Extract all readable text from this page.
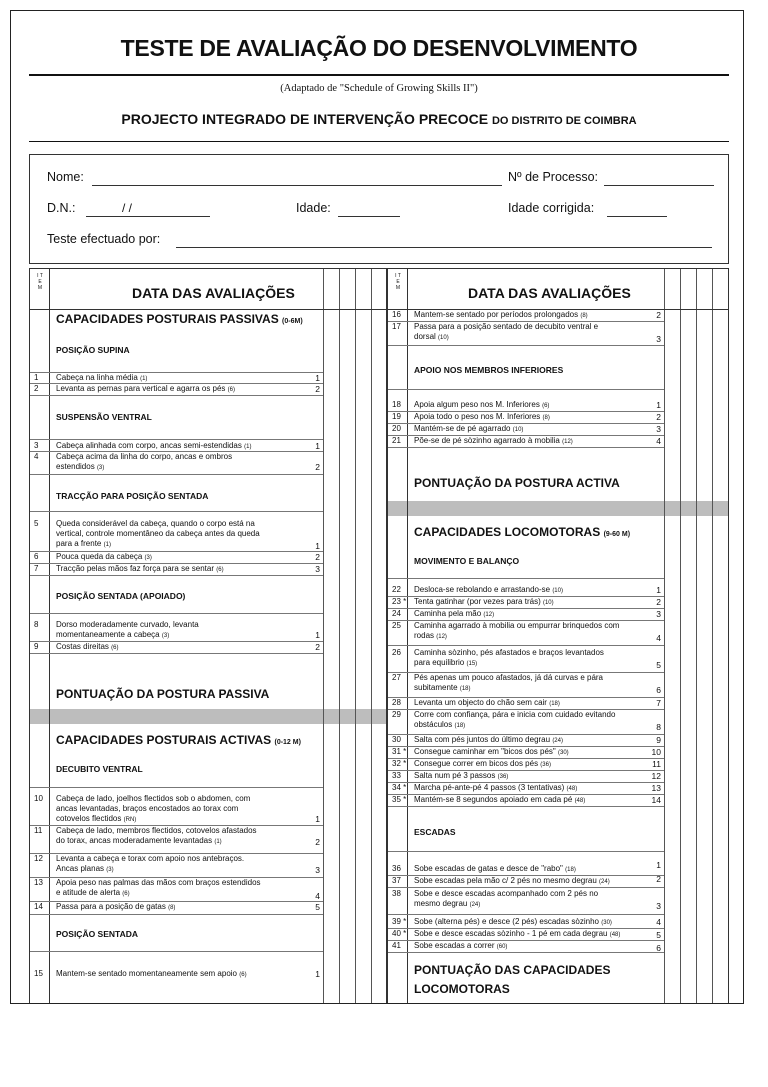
TESTE DE AVALIAÇÃO DO DESENVOLVIMENTO
(Adaptado de "Schedule of Growing Skills II")
PROJECTO INTEGRADO DE INTERVENÇÃO PRECOCE DO DISTRITO DE COIMBRA
Nome:	Nº de Processo:
D.N.:	/ /	Idade:	Idade corrigida:
Teste efectuado por:
I T E M	DATA DAS AVALIAÇÕES
CAPACIDADES POSTURAIS PASSIVAS (0-6M)
POSIÇÃO SUPINA
1 Cabeça na linha média (1)	1
2 Levanta as pernas para vertical e agarra os pés (6)	2
SUSPENSÃO VENTRAL
3 Cabeça alinhada com corpo, ancas semi-estendidas (1)	1
4 Cabeça acima da linha do corpo, ancas e ombros
estendidos (3)	2
TRACÇÃO PARA POSIÇÃO SENTADA
5 Queda considerável da cabeça, quando o corpo está na
vertical, controle momentâneo da cabeça antes da queda
para a frente (1)	1
6 Pouca queda da cabeça (3)	2
7 Tracção pelas mãos faz força para se sentar (6)	3
POSIÇÃO SENTADA (APOIADO)
8 Dorso moderadamente curvado, levanta
momentaneamente a cabeça (3)	1
9 Costas direitas (6)	2
PONTUAÇÃO DA POSTURA PASSIVA
CAPACIDADES POSTURAIS ACTIVAS (0-12 M)
DECUBITO VENTRAL
10 Cabeça de lado, joelhos flectidos sob o abdomen, com
ancas levantadas, braços encostados ao torax com
cotovelos flectidos (RN)	1
11 Cabeça de lado, membros flectidos, cotovelos afastados
do torax, ancas moderadamente levantadas (1)	2
12 Levanta a cabeça e torax com apoio nos antebraços.
Ancas planas (3)	3
13 Apoia peso nas palmas das mãos com braços estendidos
e atitude de alerta (6)	4
14 Passa para a posição de gatas (8)	5
POSIÇÃO SENTADA
15 Mantem-se sentado momentaneamente sem apoio (6)	1
I T E M	DATA DAS AVALIAÇÕES
16 Mantem-se sentado por períodos prolongados (8)	2
17 Passa para a posição sentado de decubito ventral e
dorsal (10)	3
APOIO NOS MEMBROS INFERIORES
18 Apoia algum peso nos M. Inferiores (6)	1
19 Apoia todo o peso nos M. Inferiores (8)	2
20 Mantém-se de pé agarrado (10)	3
21 Põe-se de pé sòzinho agarrado à mobilia (12)	4
PONTUAÇÃO DA POSTURA ACTIVA
CAPACIDADES LOCOMOTORAS (9-60 M)
MOVIMENTO E BALANÇO
22 Desloca-se rebolando e arrastando-se (10)	1
23 * Tenta gatinhar (por vezes para trás) (10)	2
24 Caminha pela mão (12)	3
25 Caminha agarrado à mobilia ou empurrar brinquedos com
rodas (12)	4
26 Caminha sòzinho, pés afastados e braços levantados
para equilibrio (15)	5
27 Pés apenas um pouco afastados, já dá curvas e pára
subitamente (18)	6
28 Levanta um objecto do chão sem cair (18)	7
29 Corre com confiança, pára e inicia com cuidado evitando
obstáculos (18)	8
30 Salta com pés juntos do último degrau (24)	9
31 * Consegue caminhar em "bicos dos pés" (30)	10
32 * Consegue correr em bicos dos pés (36)	11
33 Salta num pé 3 passos (36)	12
34 * Marcha pé-ante-pé 4 passos (3 tentativas) (48)	13
35 * Mantém-se 8 segundos apoiado em cada pé (48)	14
ESCADAS
36 Sobe escadas de gatas e desce de "rabo" (18)	1
37 Sobe escadas pela mão c/ 2 pés no mesmo degrau (24)	2
38 Sobe e desce escadas acompanhado com 2 pés no
mesmo degrau (24)	3
39 * Sobe (alterna pés) e desce (2 pés) escadas sòzinho (30)	4
40 * Sobe e desce escadas sòzinho - 1 pé em cada degrau (48)	5
41 Sobe escadas a correr (60)	6
PONTUAÇÃO DAS CAPACIDADES
LOCOMOTORAS
